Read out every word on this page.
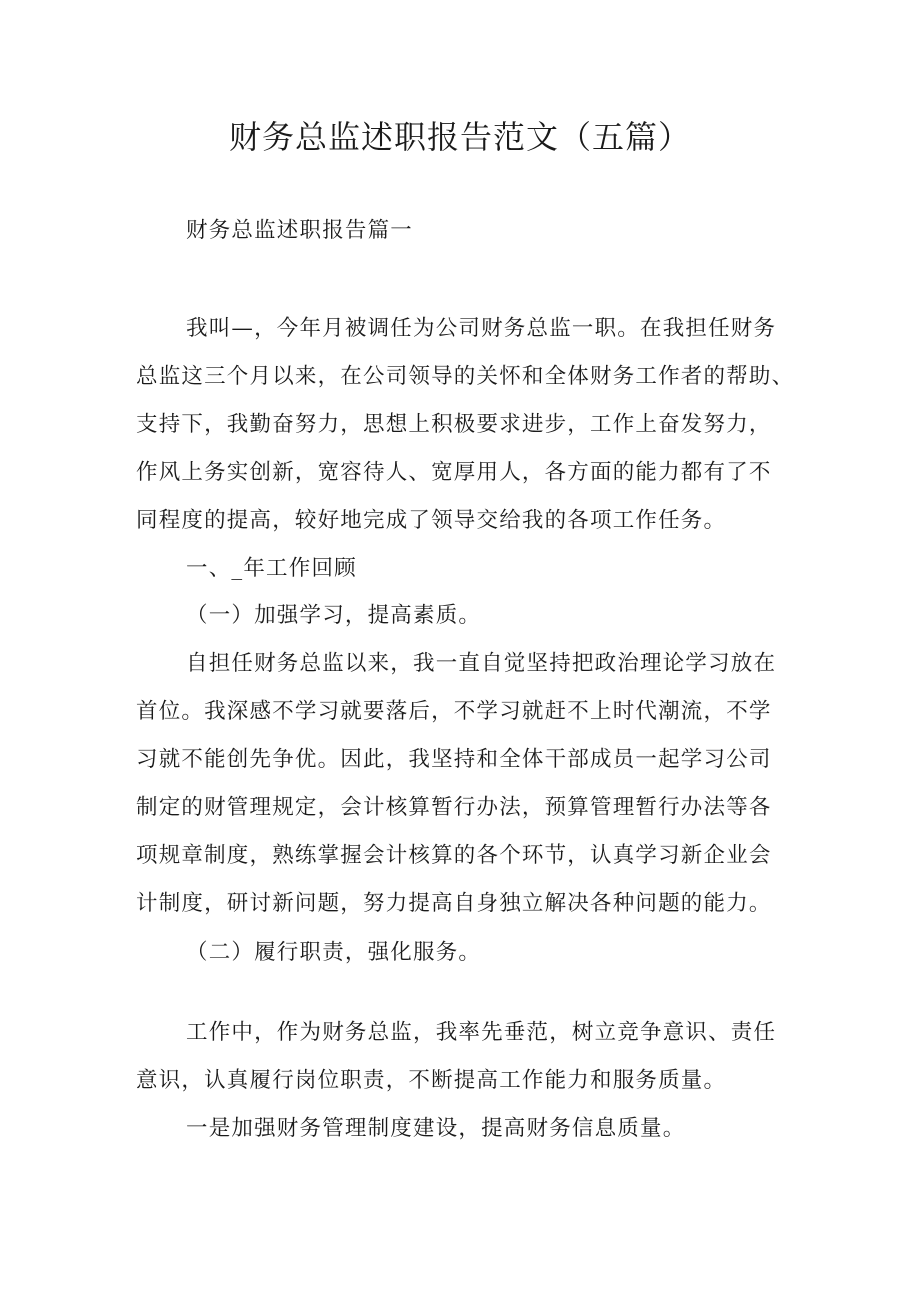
财务总监述职报告范文（五篇）

财务总监述职报告篇一

我叫—，今年月被调任为公司财务总监一职。在我担任财务

总监这三个月以来，在公司领导的关怀和全体财务工作者的帮助、

支持下，我勤奋努力，思想上积极要求进步，工作上奋发努力，

作风上务实创新，宽容待人、宽厚用人，各方面的能力都有了不

同程度的提高，较好地完成了领导交给我的各项工作任务。

一、_年工作回顾

（一）加强学习，提高素质。

自担任财务总监以来，我一直自觉坚持把政治理论学习放在

首位。我深感不学习就要落后，不学习就赶不上时代潮流，不学

习就不能创先争优。因此，我坚持和全体干部成员一起学习公司

制定的财管理规定，会计核算暂行办法，预算管理暂行办法等各

项规章制度，熟练掌握会计核算的各个环节，认真学习新企业会

计制度，研讨新问题，努力提高自身独立解决各种问题的能力。

（二）履行职责，强化服务。

工作中，作为财务总监，我率先垂范，树立竞争意识、责任

意识，认真履行岗位职责，不断提高工作能力和服务质量。

一是加强财务管理制度建设，提高财务信息质量。
